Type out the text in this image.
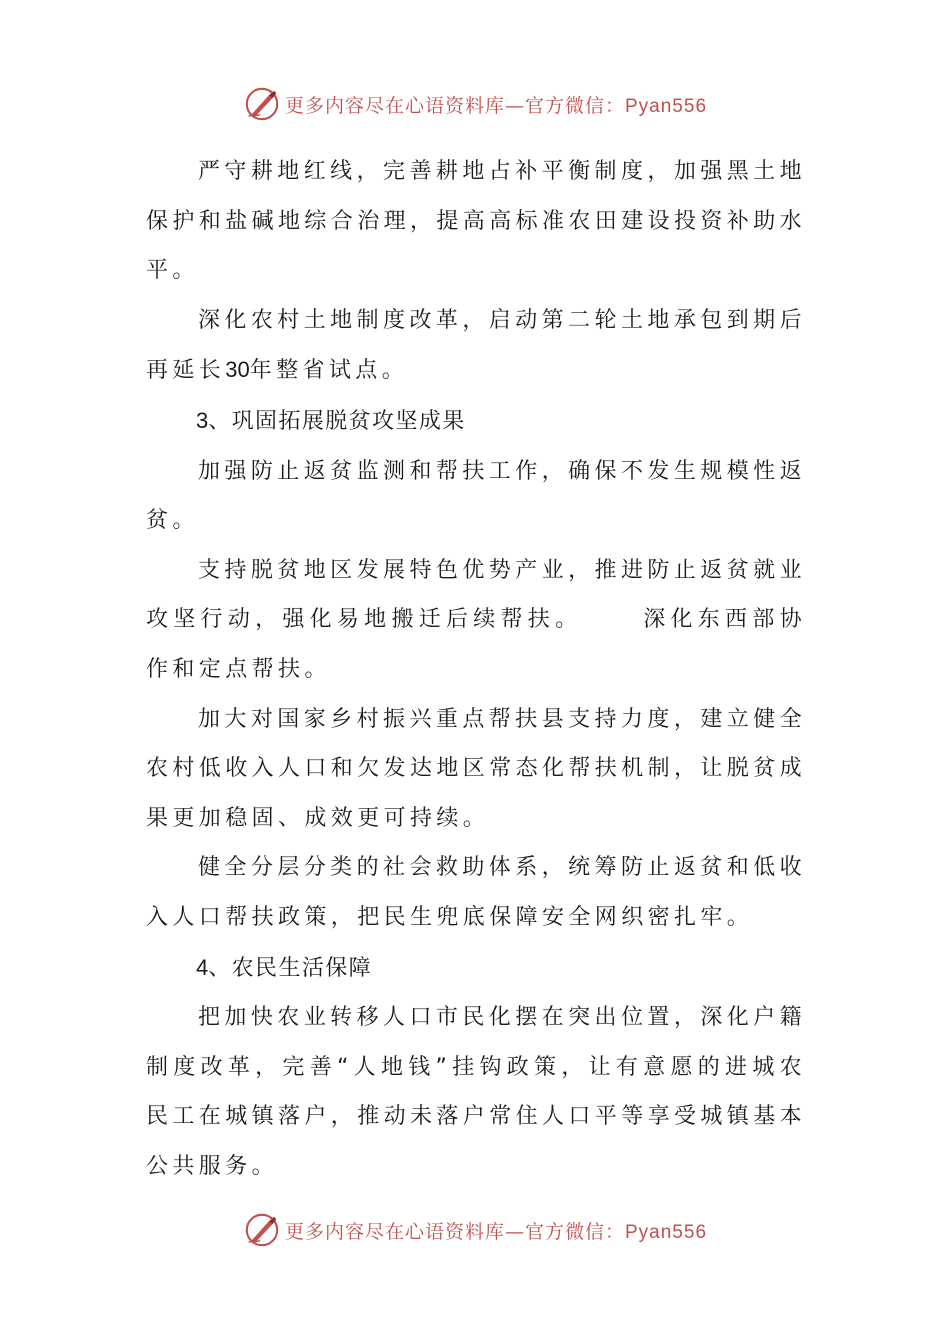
更多内容尽在心语资料库—官方微信：Pyan556

严守耕地红线，完善耕地占补平衡制度，加强黑土地保护和盐碱地综合治理，提高高标准农田建设投资补助水平。

深化农村土地制度改革，启动第二轮土地承包到期后再延长30年整省试点。

3、巩固拓展脱贫攻坚成果

加强防止返贫监测和帮扶工作，确保不发生规模性返贫。

支持脱贫地区发展特色优势产业，推进防止返贫就业攻坚行动，强化易地搬迁后续帮扶。	深化东西部协作和定点帮扶。

加大对国家乡村振兴重点帮扶县支持力度，建立健全农村低收入人口和欠发达地区常态化帮扶机制，让脱贫成果更加稳固、成效更可持续。

健全分层分类的社会救助体系，统筹防止返贫和低收入人口帮扶政策，把民生兜底保障安全网织密扎牢。

4、农民生活保障

把加快农业转移人口市民化摆在突出位置，深化户籍制度改革，完善“人地钱”挂钩政策，让有意愿的进城农民工在城镇落户，推动未落户常住人口平等享受城镇基本公共服务。

更多内容尽在心语资料库—官方微信：Pyan556
